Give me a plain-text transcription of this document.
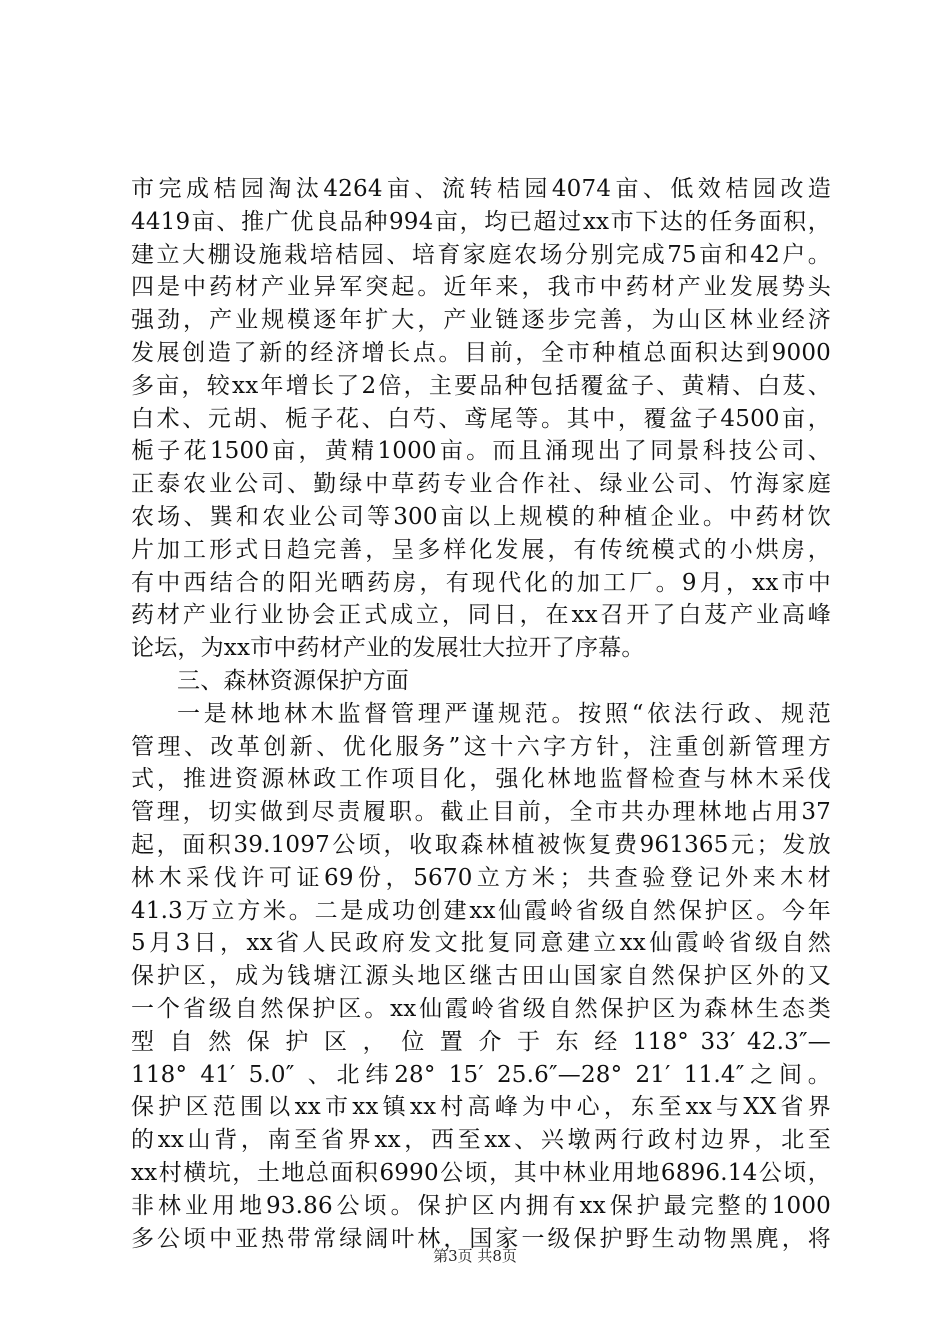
市完成桔园淘汰4264亩、流转桔园4074亩、低效桔园改造
4419亩、推广优良品种994亩，均已超过xx市下达的任务面积，
建立大棚设施栽培桔园、培育家庭农场分别完成75亩和42户。
四是中药材产业异军突起。近年来，我市中药材产业发展势头
强劲，产业规模逐年扩大，产业链逐步完善，为山区林业经济
发展创造了新的经济增长点。目前，全市种植总面积达到9000
多亩，较xx年增长了2倍，主要品种包括覆盆子、黄精、白芨、
白术、元胡、栀子花、白芍、鸢尾等。其中，覆盆子4500亩，
栀子花1500亩，黄精1000亩。而且涌现出了同景科技公司、
正泰农业公司、勤绿中草药专业合作社、绿业公司、竹海家庭
农场、巽和农业公司等300亩以上规模的种植企业。中药材饮
片加工形式日趋完善，呈多样化发展，有传统模式的小烘房，
有中西结合的阳光晒药房，有现代化的加工厂。9月，xx市中
药材产业行业协会正式成立，同日，在xx召开了白芨产业高峰
论坛，为xx市中药材产业的发展壮大拉开了序幕。
三、森林资源保护方面
一是林地林木监督管理严谨规范。按照“依法行政、规范
管理、改革创新、优化服务”这十六字方针，注重创新管理方
式，推进资源林政工作项目化，强化林地监督检查与林木采伐
管理，切实做到尽责履职。截止目前，全市共办理林地占用37
起，面积39.1097公顷，收取森林植被恢复费961365元；发放
林木采伐许可证69份，5670立方米；共查验登记外来木材
41.3万立方米。二是成功创建xx仙霞岭省级自然保护区。今年
5月3日，xx省人民政府发文批复同意建立xx仙霞岭省级自然
保护区，成为钱塘江源头地区继古田山国家自然保护区外的又
一个省级自然保护区。xx仙霞岭省级自然保护区为森林生态类
型 自 然 保 护 区 ， 位 置 介 于 东 经 118° 33′ 42.3″—
118° 41′ 5.0″ 、北纬28° 15′ 25.6″—28° 21′ 11.4″之间。
保护区范围以xx市xx镇xx村高峰为中心，东至xx与XX省界
的xx山背，南至省界xx，西至xx、兴墩两行政村边界，北至
xx村横坑，土地总面积6990公顷，其中林业用地6896.14公顷，
非林业用地93.86公顷。保护区内拥有xx保护最完整的1000
多公顷中亚热带常绿阔叶林，国家一级保护野生动物黑麂，将
第3页 共8页
